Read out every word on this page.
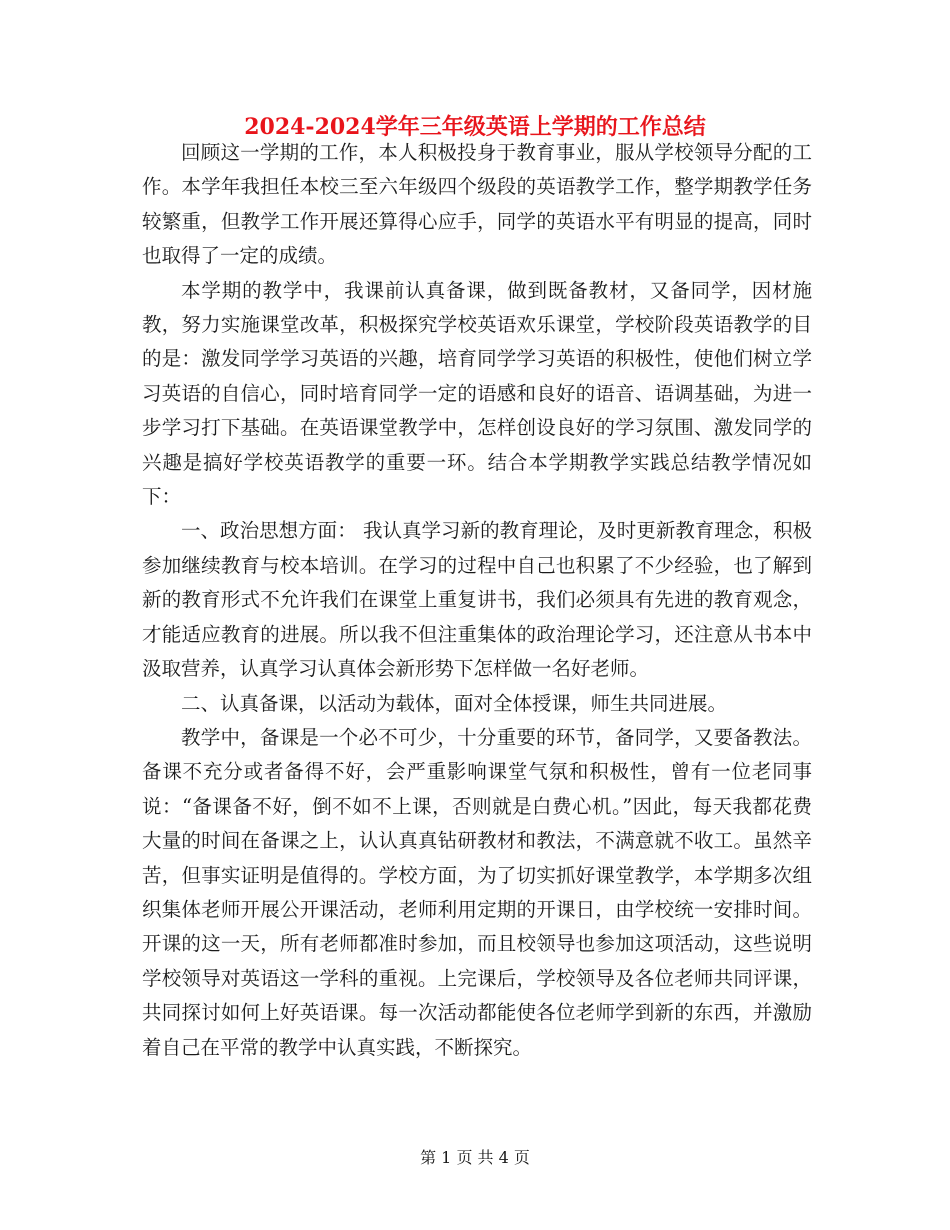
2024-2024学年三年级英语上学期的工作总结

回顾这一学期的工作，本人积极投身于教育事业，服从学校领导分配的工作。本学年我担任本校三至六年级四个级段的英语教学工作，整学期教学任务较繁重，但教学工作开展还算得心应手，同学的英语水平有明显的提高，同时也取得了一定的成绩。

本学期的教学中，我课前认真备课，做到既备教材，又备同学，因材施教，努力实施课堂改革，积极探究学校英语欢乐课堂，学校阶段英语教学的目的是：激发同学学习英语的兴趣，培育同学学习英语的积极性，使他们树立学习英语的自信心，同时培育同学一定的语感和良好的语音、语调基础，为进一步学习打下基础。在英语课堂教学中，怎样创设良好的学习氛围、激发同学的兴趣是搞好学校英语教学的重要一环。结合本学期教学实践总结教学情况如下：

一、政治思想方面： 我认真学习新的教育理论，及时更新教育理念，积极参加继续教育与校本培训。在学习的过程中自己也积累了不少经验，也了解到新的教育形式不允许我们在课堂上重复讲书，我们必须具有先进的教育观念，才能适应教育的进展。所以我不但注重集体的政治理论学习，还注意从书本中汲取营养，认真学习认真体会新形势下怎样做一名好老师。

二、认真备课，以活动为载体，面对全体授课，师生共同进展。

教学中，备课是一个必不可少，十分重要的环节，备同学，又要备教法。备课不充分或者备得不好，会严重影响课堂气氛和积极性，曾有一位老同事说：“备课备不好，倒不如不上课，否则就是白费心机。”因此，每天我都花费大量的时间在备课之上，认认真真钻研教材和教法，不满意就不收工。虽然辛苦，但事实证明是值得的。学校方面，为了切实抓好课堂教学，本学期多次组织集体老师开展公开课活动，老师利用定期的开课日，由学校统一安排时间。开课的这一天，所有老师都准时参加，而且校领导也参加这项活动，这些说明学校领导对英语这一学科的重视。上完课后，学校领导及各位老师共同评课，共同探讨如何上好英语课。每一次活动都能使各位老师学到新的东西，并激励着自己在平常的教学中认真实践，不断探究。

第 1 页 共 4 页
